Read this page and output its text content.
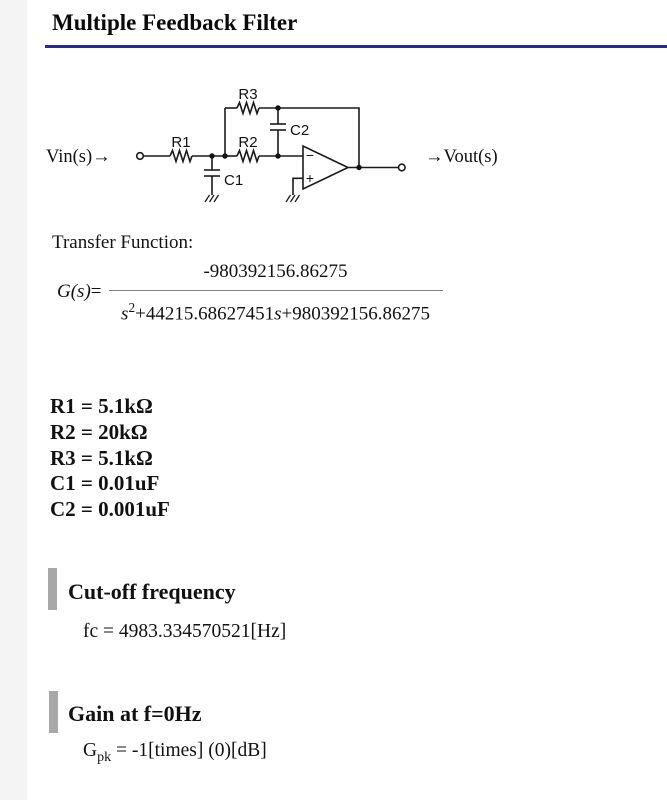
Multiple Feedback Filter
Vin(s)→
R1
C1
R2
R3
C2
−
+
→Vout(s)
Transfer Function:
$G(s)= \frac{-980392156.86275}{s^2+44215.68627451s+980392156.86275}$
R1 = 5.1kΩ
R2 = 20kΩ
R3 = 5.1kΩ
C1 = 0.01uF
C2 = 0.001uF
Cut-off frequency
fc = 4983.334570521[Hz]
Gain at f=0Hz
$G_{pk}$ = -1[times] (0)[dB]
